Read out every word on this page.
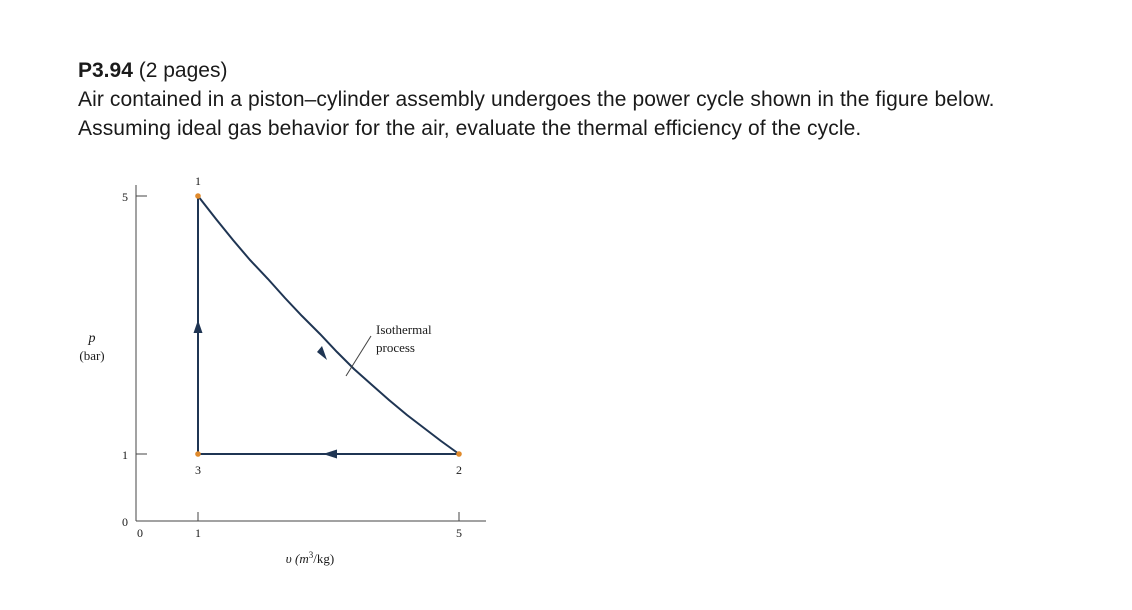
P3.94 (2 pages)
Air contained in a piston–cylinder assembly undergoes the power cycle shown in the figure below.
Assuming ideal gas behavior for the air, evaluate the thermal efficiency of the cycle.
5
1
0
p
(bar)
0	1	5
υ $(m^3/kg)$
Isothermal
process
1
2
3
